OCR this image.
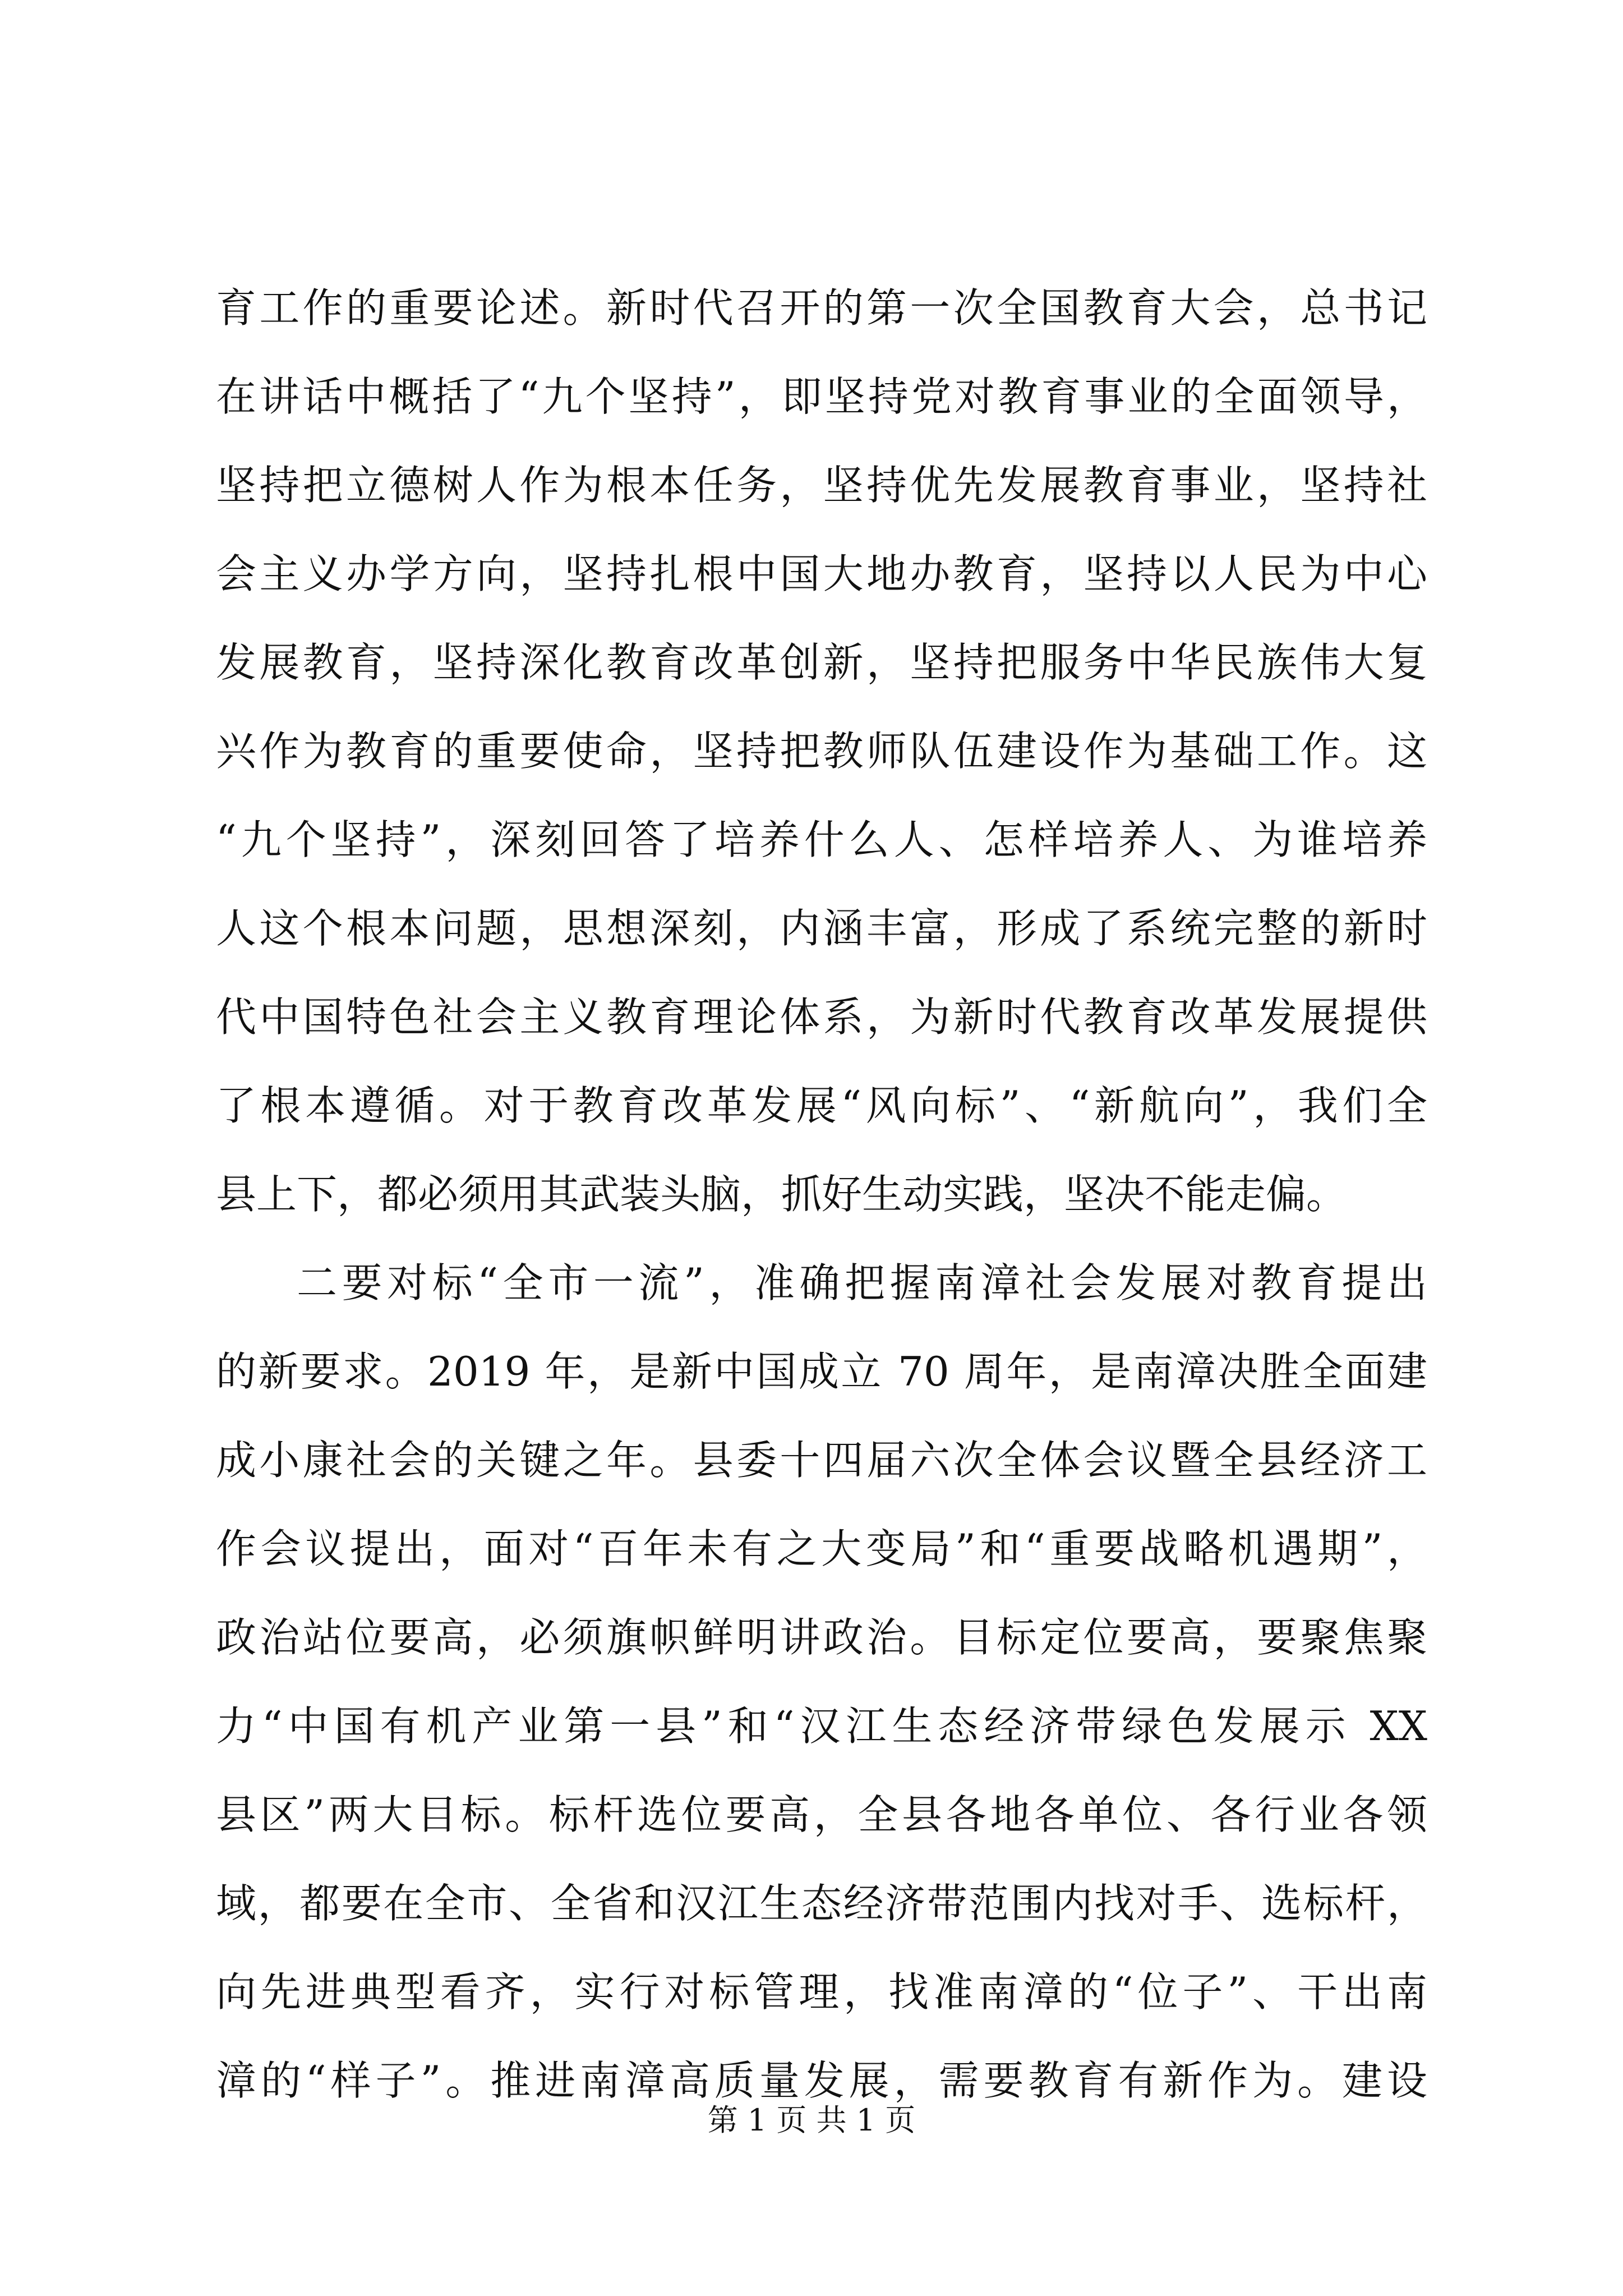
育工作的重要论述。新时代召开的第一次全国教育大会，总书记
在讲话中概括了“九个坚持”，即坚持党对教育事业的全面领导，
坚持把立德树人作为根本任务，坚持优先发展教育事业，坚持社
会主义办学方向，坚持扎根中国大地办教育，坚持以人民为中心
发展教育，坚持深化教育改革创新，坚持把服务中华民族伟大复
兴作为教育的重要使命，坚持把教师队伍建设作为基础工作。这
“九个坚持”，深刻回答了培养什么人、怎样培养人、为谁培养
人这个根本问题，思想深刻，内涵丰富，形成了系统完整的新时
代中国特色社会主义教育理论体系，为新时代教育改革发展提供
了根本遵循。对于教育改革发展“风向标”、“新航向”，我们全
县上下，都必须用其武装头脑，抓好生动实践，坚决不能走偏。
二要对标“全市一流”，准确把握南漳社会发展对教育提出
的新要求。2019 年，是新中国成立 70 周年，是南漳决胜全面建
成小康社会的关键之年。县委十四届六次全体会议暨全县经济工
作会议提出，面对“百年未有之大变局”和“重要战略机遇期”，
政治站位要高，必须旗帜鲜明讲政治。目标定位要高，要聚焦聚
力“中国有机产业第一县”和“汉江生态经济带绿色发展示 XX
县区”两大目标。标杆选位要高，全县各地各单位、各行业各领
域，都要在全市、全省和汉江生态经济带范围内找对手、选标杆，
向先进典型看齐，实行对标管理，找准南漳的“位子”、干出南
漳的“样子”。推进南漳高质量发展，需要教育有新作为。建设
第 1 页 共 1 页
